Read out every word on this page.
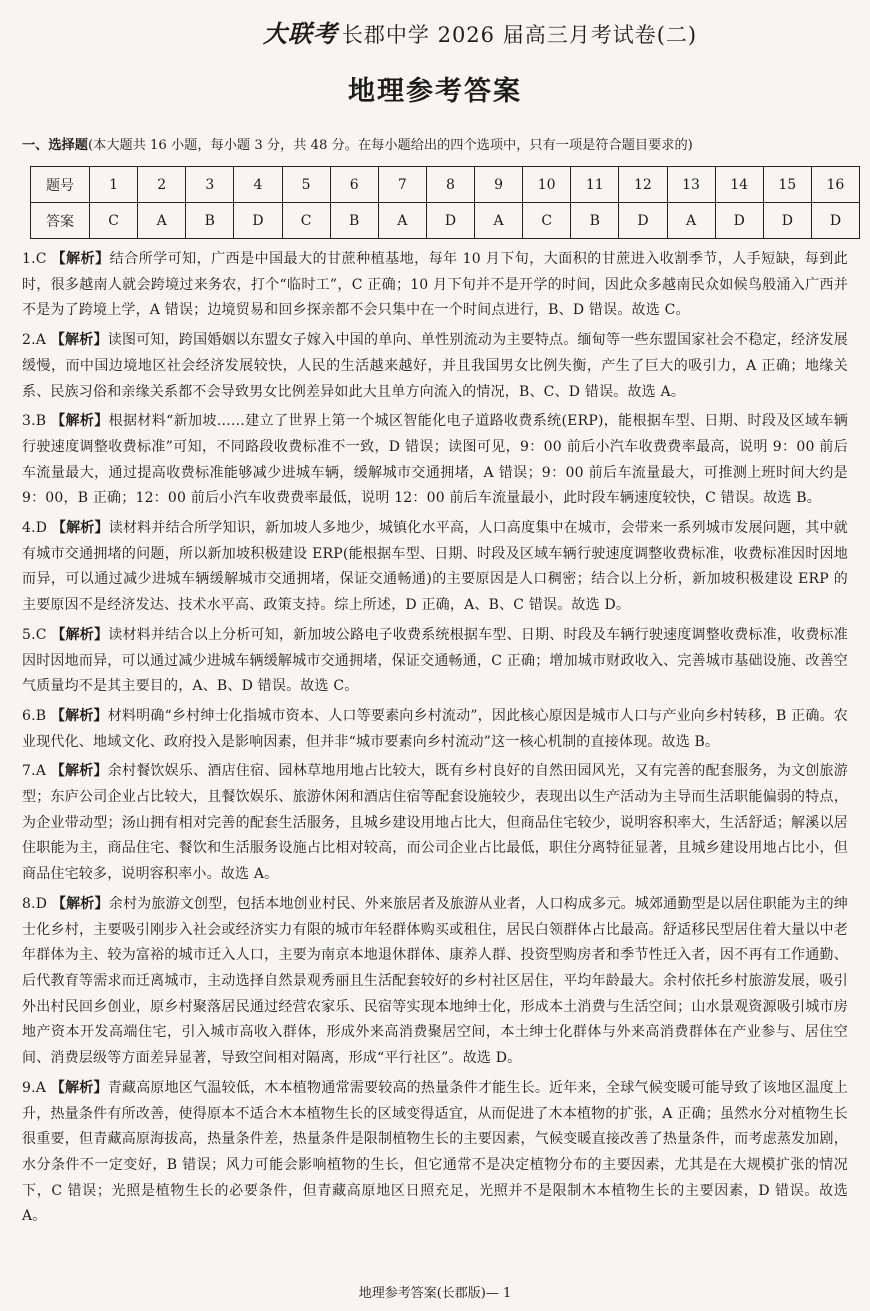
大联考 长郡中学 2026 届高三月考试卷(二)
地理参考答案
一、选择题(本大题共 16 小题，每小题 3 分，共 48 分。在每小题给出的四个选项中，只有一项是符合题目要求的)
题号	1	2	3	4	5	6	7	8	9	10	11	12	13	14	15	16
答案	C	A	B	D	C	B	A	D	A	C	B	D	A	D	D	D

1.C 【解析】结合所学可知，广西是中国最大的甘蔗种植基地，每年 10 月下旬，大面积的甘蔗进入收割季节，人手短缺，每到此时，很多越南人就会跨境过来务农，打个“临时工”，C 正确；10 月下旬并不是开学的时间，因此众多越南民众如候鸟般涌入广西并不是为了跨境上学，A 错误；边境贸易和回乡探亲都不会只集中在一个时间点进行，B、D 错误。故选 C。

2.A 【解析】读图可知，跨国婚姻以东盟女子嫁入中国的单向、单性别流动为主要特点。缅甸等一些东盟国家社会不稳定，经济发展缓慢，而中国边境地区社会经济发展较快，人民的生活越来越好，并且我国男女比例失衡，产生了巨大的吸引力，A 正确；地缘关系、民族习俗和亲缘关系都不会导致男女比例差异如此大且单方向流入的情况，B、C、D 错误。故选 A。

3.B 【解析】根据材料“新加坡……建立了世界上第一个城区智能化电子道路收费系统(ERP)，能根据车型、日期、时段及区域车辆行驶速度调整收费标准”可知，不同路段收费标准不一致，D 错误；读图可见，9：00 前后小汽车收费费率最高，说明 9：00 前后车流量最大，通过提高收费标准能够减少进城车辆，缓解城市交通拥堵，A 错误；9：00 前后车流量最大，可推测上班时间大约是 9：00，B 正确；12：00 前后小汽车收费费率最低，说明 12：00 前后车流量最小，此时段车辆速度较快，C 错误。故选 B。

4.D 【解析】读材料并结合所学知识，新加坡人多地少，城镇化水平高，人口高度集中在城市，会带来一系列城市发展问题，其中就有城市交通拥堵的问题，所以新加坡积极建设 ERP(能根据车型、日期、时段及区域车辆行驶速度调整收费标准，收费标准因时因地而异，可以通过减少进城车辆缓解城市交通拥堵，保证交通畅通)的主要原因是人口稠密；结合以上分析，新加坡积极建设 ERP 的主要原因不是经济发达、技术水平高、政策支持。综上所述，D 正确，A、B、C 错误。故选 D。

5.C 【解析】读材料并结合以上分析可知，新加坡公路电子收费系统根据车型、日期、时段及车辆行驶速度调整收费标准，收费标准因时因地而异，可以通过减少进城车辆缓解城市交通拥堵，保证交通畅通，C 正确；增加城市财政收入、完善城市基础设施、改善空气质量均不是其主要目的，A、B、D 错误。故选 C。

6.B 【解析】材料明确“乡村绅士化指城市资本、人口等要素向乡村流动”，因此核心原因是城市人口与产业向乡村转移，B 正确。农业现代化、地域文化、政府投入是影响因素，但并非“城市要素向乡村流动”这一核心机制的直接体现。故选 B。

7.A 【解析】余村餐饮娱乐、酒店住宿、园林草地用地占比较大，既有乡村良好的自然田园风光，又有完善的配套服务，为文创旅游型；东庐公司企业占比较大，且餐饮娱乐、旅游休闲和酒店住宿等配套设施较少，表现出以生产活动为主导而生活职能偏弱的特点，为企业带动型；汤山拥有相对完善的配套生活服务，且城乡建设用地占比大，但商品住宅较少，说明容积率大，生活舒适；解溪以居住职能为主，商品住宅、餐饮和生活服务设施占比相对较高，而公司企业占比最低，职住分离特征显著，且城乡建设用地占比小，但商品住宅较多，说明容积率小。故选 A。

8.D 【解析】余村为旅游文创型，包括本地创业村民、外来旅居者及旅游从业者，人口构成多元。城郊通勤型是以居住职能为主的绅士化乡村，主要吸引刚步入社会或经济实力有限的城市年轻群体购买或租住，居民白领群体占比最高。舒适移民型居住着大量以中老年群体为主、较为富裕的城市迁入人口，主要为南京本地退休群体、康养人群、投资型购房者和季节性迁入者，因不再有工作通勤、后代教育等需求而迁离城市，主动选择自然景观秀丽且生活配套较好的乡村社区居住，平均年龄最大。余村依托乡村旅游发展，吸引外出村民回乡创业，原乡村聚落居民通过经营农家乐、民宿等实现本地绅士化，形成本土消费与生活空间；山水景观资源吸引城市房地产资本开发高端住宅，引入城市高收入群体，形成外来高消费聚居空间，本土绅士化群体与外来高消费群体在产业参与、居住空间、消费层级等方面差异显著，导致空间相对隔离，形成“平行社区”。故选 D。

9.A 【解析】青藏高原地区气温较低，木本植物通常需要较高的热量条件才能生长。近年来，全球气候变暖可能导致了该地区温度上升，热量条件有所改善，使得原本不适合木本植物生长的区域变得适宜，从而促进了木本植物的扩张，A 正确；虽然水分对植物生长很重要，但青藏高原海拔高，热量条件差，热量条件是限制植物生长的主要因素，气候变暖直接改善了热量条件，而考虑蒸发加剧，水分条件不一定变好，B 错误；风力可能会影响植物的生长，但它通常不是决定植物分布的主要因素，尤其是在大规模扩张的情况下，C 错误；光照是植物生长的必要条件，但青藏高原地区日照充足，光照并不是限制木本植物生长的主要因素，D 错误。故选 A。

地理参考答案(长郡版)— 1
